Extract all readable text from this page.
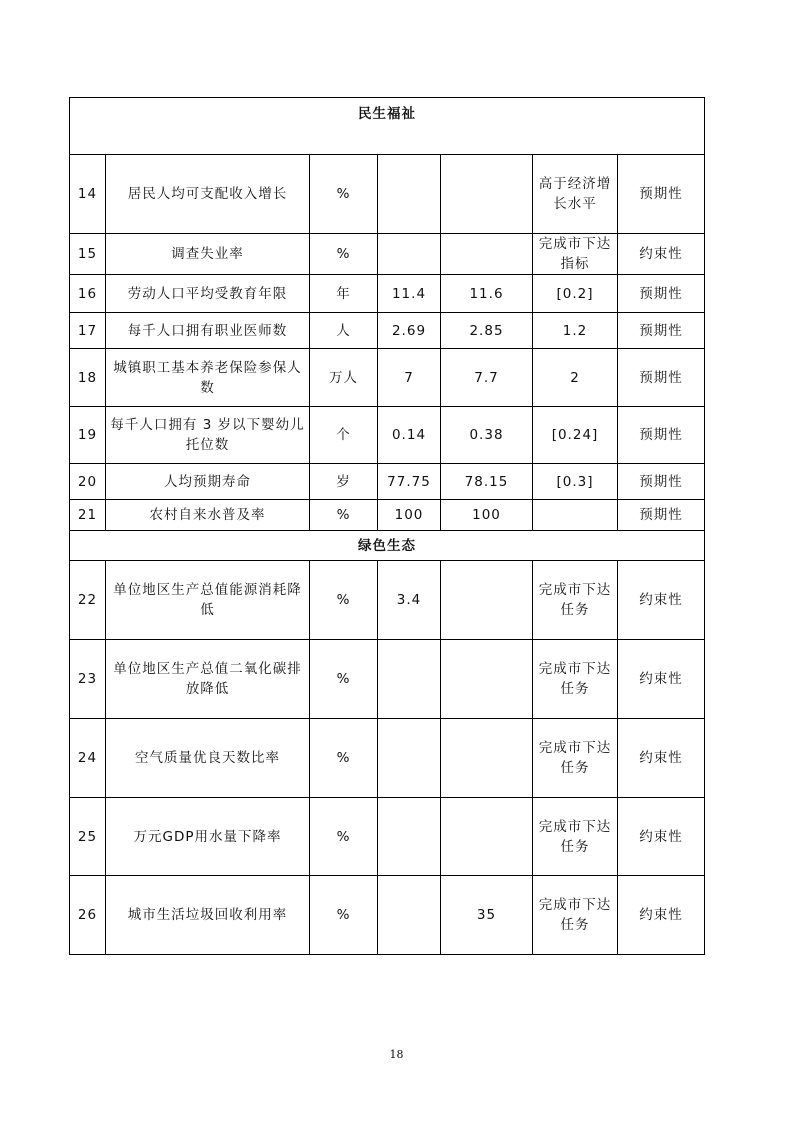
民生福祉						
14	居民人均可支配收入增长	%			高于经济增长水平	预期性
15	调查失业率	%			完成市下达指标	约束性
16	劳动人口平均受教育年限	年	11.4	11.6	[0.2]	预期性
17	每千人口拥有职业医师数	人	2.69	2.85	1.2	预期性
18	城镇职工基本养老保险参保人数	万人	7	7.7	2	预期性
19	每千人口拥有 3 岁以下婴幼儿托位数	个	0.14	0.38	[0.24]	预期性
20	人均预期寿命	岁	77.75	78.15	[0.3]	预期性
21	农村自来水普及率	%	100	100		预期性
绿色生态						
22	单位地区生产总值能源消耗降低	%	3.4		完成市下达任务	约束性
23	单位地区生产总值二氧化碳排放降低	%			完成市下达任务	约束性
24	空气质量优良天数比率	%			完成市下达任务	约束性
25	万元GDP用水量下降率	%			完成市下达任务	约束性
26	城市生活垃圾回收利用率	%		35	完成市下达任务	约束性
18
